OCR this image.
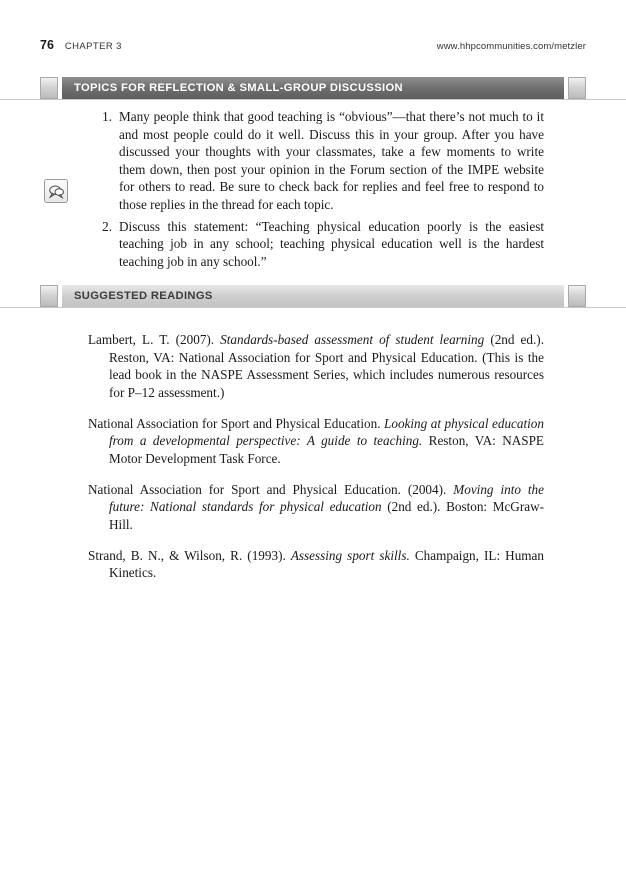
76 CHAPTER 3	www.hhpcommunities.com/metzler
TOPICS FOR REFLECTION & SMALL-GROUP DISCUSSION
1. Many people think that good teaching is “obvious”—that there’s not much to it and most people could do it well. Discuss this in your group. After you have discussed your thoughts with your classmates, take a few moments to write them down, then post your opinion in the Forum section of the IMPE website for others to read. Be sure to check back for replies and feel free to respond to those replies in the thread for each topic.
2. Discuss this statement: “Teaching physical education poorly is the easiest teaching job in any school; teaching physical education well is the hardest teaching job in any school.”
SUGGESTED READINGS

Lambert, L. T. (2007). Standards-based assessment of student learning (2nd ed.). Reston, VA: National Association for Sport and Physical Education. (This is the lead book in the NASPE Assessment Series, which includes numerous resources for P–12 assessment.)

National Association for Sport and Physical Education. Looking at physical education from a developmental perspective: A guide to teaching. Reston, VA: NASPE Motor Development Task Force.

National Association for Sport and Physical Education. (2004). Moving into the future: National standards for physical education (2nd ed.). Boston: McGraw-Hill.

Strand, B. N., & Wilson, R. (1993). Assessing sport skills. Champaign, IL: Human Kinetics.
